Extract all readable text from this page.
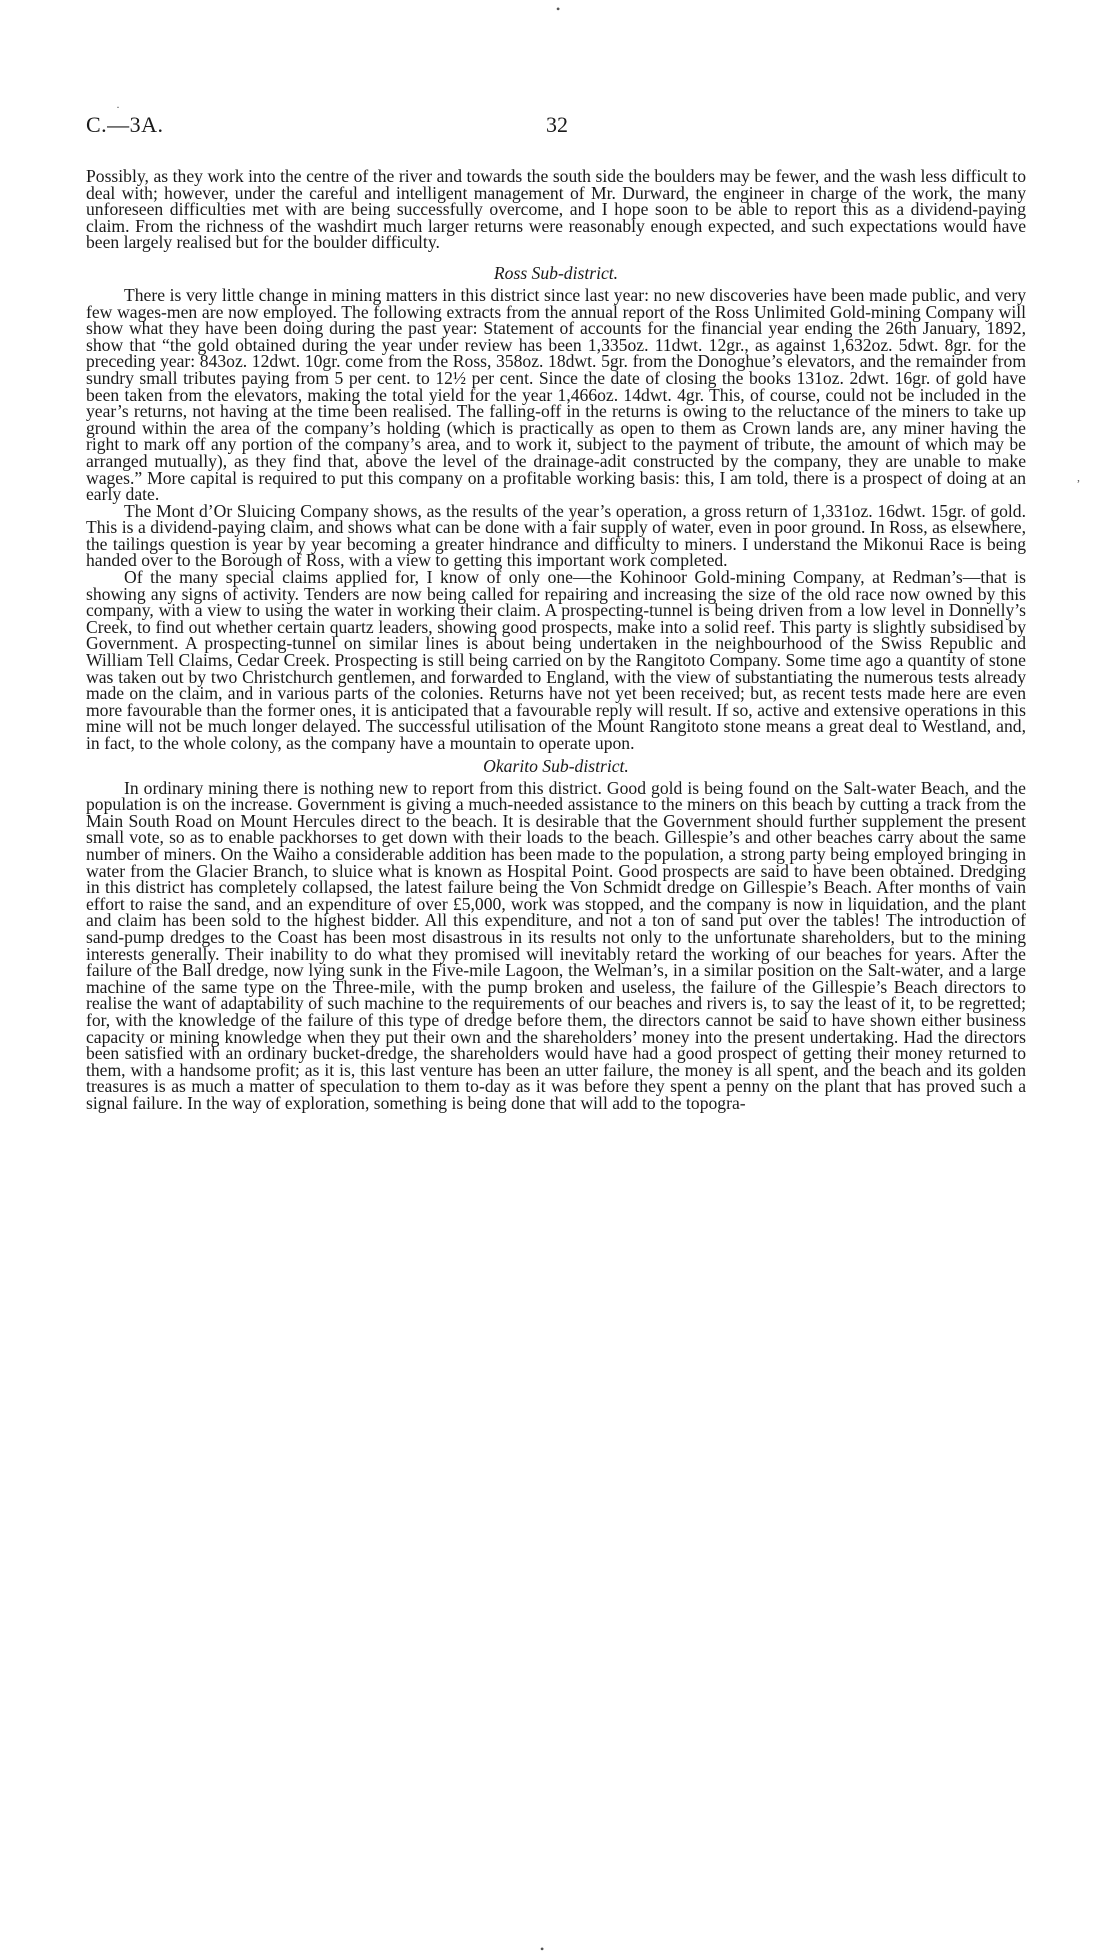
•
·
C.—3A.	32

Possibly, as they work into the centre of the river and towards the south side the boulders may be fewer, and the wash less difficult to deal with; however, under the careful and intelligent management of Mr. Durward, the engineer in charge of the work, the many unforeseen difficulties met with are being successfully overcome, and I hope soon to be able to report this as a dividend-paying claim. From the richness of the washdirt much larger returns were reasonably enough expected, and such expectations would have been largely realised but for the boulder difficulty.

Ross Sub-district.

There is very little change in mining matters in this district since last year: no new discoveries have been made public, and very few wages-men are now employed. The following extracts from the annual report of the Ross Unlimited Gold-mining Company will show what they have been doing during the past year: Statement of accounts for the financial year ending the 26th January, 1892, show that “the gold obtained during the year under review has been 1,335oz. 11dwt. 12gr., as against 1,632oz. 5dwt. 8gr. for the preceding year: 843oz. 12dwt. 10gr. come from the Ross, 358oz. 18dwt. 5gr. from the Donoghue’s elevators, and the remainder from sundry small tributes paying from 5 per cent. to 12½ per cent. Since the date of closing the books 131oz. 2dwt. 16gr. of gold have been taken from the elevators, making the total yield for the year 1,466oz. 14dwt. 4gr. This, of course, could not be included in the year’s returns, not having at the time been realised. The falling-off in the returns is owing to the reluctance of the miners to take up ground within the area of the company’s holding (which is practically as open to them as Crown lands are, any miner having the right to mark off any portion of the company’s area, and to work it, subject to the payment of tribute, the amount of which may be arranged mutually), as they find that, above the level of the drainage-adit constructed by the company, they are unable to make wages.” More capital is required to put this company on a profitable working basis: this, I am told, there is a prospect of doing at an early date.

The Mont d’Or Sluicing Company shows, as the results of the year’s operation, a gross return of 1,331oz. 16dwt. 15gr. of gold. This is a dividend-paying claim, and shows what can be done with a fair supply of water, even in poor ground. In Ross, as elsewhere, the tailings question is year by year becoming a greater hindrance and difficulty to miners. I understand the Mikonui Race is being handed over to the Borough of Ross, with a view to getting this important work completed.

Of the many special claims applied for, I know of only one—the Kohinoor Gold-mining Company, at Redman’s—that is showing any signs of activity. Tenders are now being called for repairing and increasing the size of the old race now owned by this company, with a view to using the water in working their claim. A prospecting-tunnel is being driven from a low level in Donnelly’s Creek, to find out whether certain quartz leaders, showing good prospects, make into a solid reef. This party is slightly subsidised by Government. A prospecting-tunnel on similar lines is about being undertaken in the neighbourhood of the Swiss Republic and William Tell Claims, Cedar Creek. Prospecting is still being carried on by the Rangitoto Company. Some time ago a quantity of stone was taken out by two Christchurch gentlemen, and forwarded to England, with the view of substantiating the numerous tests already made on the claim, and in various parts of the colonies. Returns have not yet been received; but, as recent tests made here are even more favourable than the former ones, it is anticipated that a favourable reply will result. If so, active and extensive operations in this mine will not be much longer delayed. The successful utilisation of the Mount Rangitoto stone means a great deal to Westland, and, in fact, to the whole colony, as the company have a mountain to operate upon.

Okarito Sub-district.

In ordinary mining there is nothing new to report from this district. Good gold is being found on the Salt-water Beach, and the population is on the increase. Government is giving a much-needed assistance to the miners on this beach by cutting a track from the Main South Road on Mount Hercules direct to the beach. It is desirable that the Government should further supplement the present small vote, so as to enable packhorses to get down with their loads to the beach. Gillespie’s and other beaches carry about the same number of miners. On the Waiho a considerable addition has been made to the population, a strong party being employed bringing in water from the Glacier Branch, to sluice what is known as Hospital Point. Good prospects are said to have been obtained. Dredging in this district has completely collapsed, the latest failure being the Von Schmidt dredge on Gillespie’s Beach. After months of vain effort to raise the sand, and an expenditure of over £5,000, work was stopped, and the company is now in liquidation, and the plant and claim has been sold to the highest bidder. All this expenditure, and not a ton of sand put over the tables! The introduction of sand-pump dredges to the Coast has been most disastrous in its results not only to the unfortunate shareholders, but to the mining interests generally. Their inability to do what they promised will inevitably retard the working of our beaches for years. After the failure of the Ball dredge, now lying sunk in the Five-mile Lagoon, the Welman’s, in a similar position on the Salt-water, and a large machine of the same type on the Three-mile, with the pump broken and useless, the failure of the Gillespie’s Beach directors to realise the want of adaptability of such machine to the requirements of our beaches and rivers is, to say the least of it, to be regretted; for, with the knowledge of the failure of this type of dredge before them, the directors cannot be said to have shown either business capacity or mining knowledge when they put their own and the shareholders’ money into the present undertaking. Had the directors been satisfied with an ordinary bucket-dredge, the shareholders would have had a good prospect of getting their money returned to them, with a handsome profit; as it is, this last venture has been an utter failure, the money is all spent, and the beach and its golden treasures is as much a matter of speculation to them to-day as it was before they spent a penny on the plant that has proved such a signal failure. In the way of exploration, something is being done that will add to the topogra-

,
•
